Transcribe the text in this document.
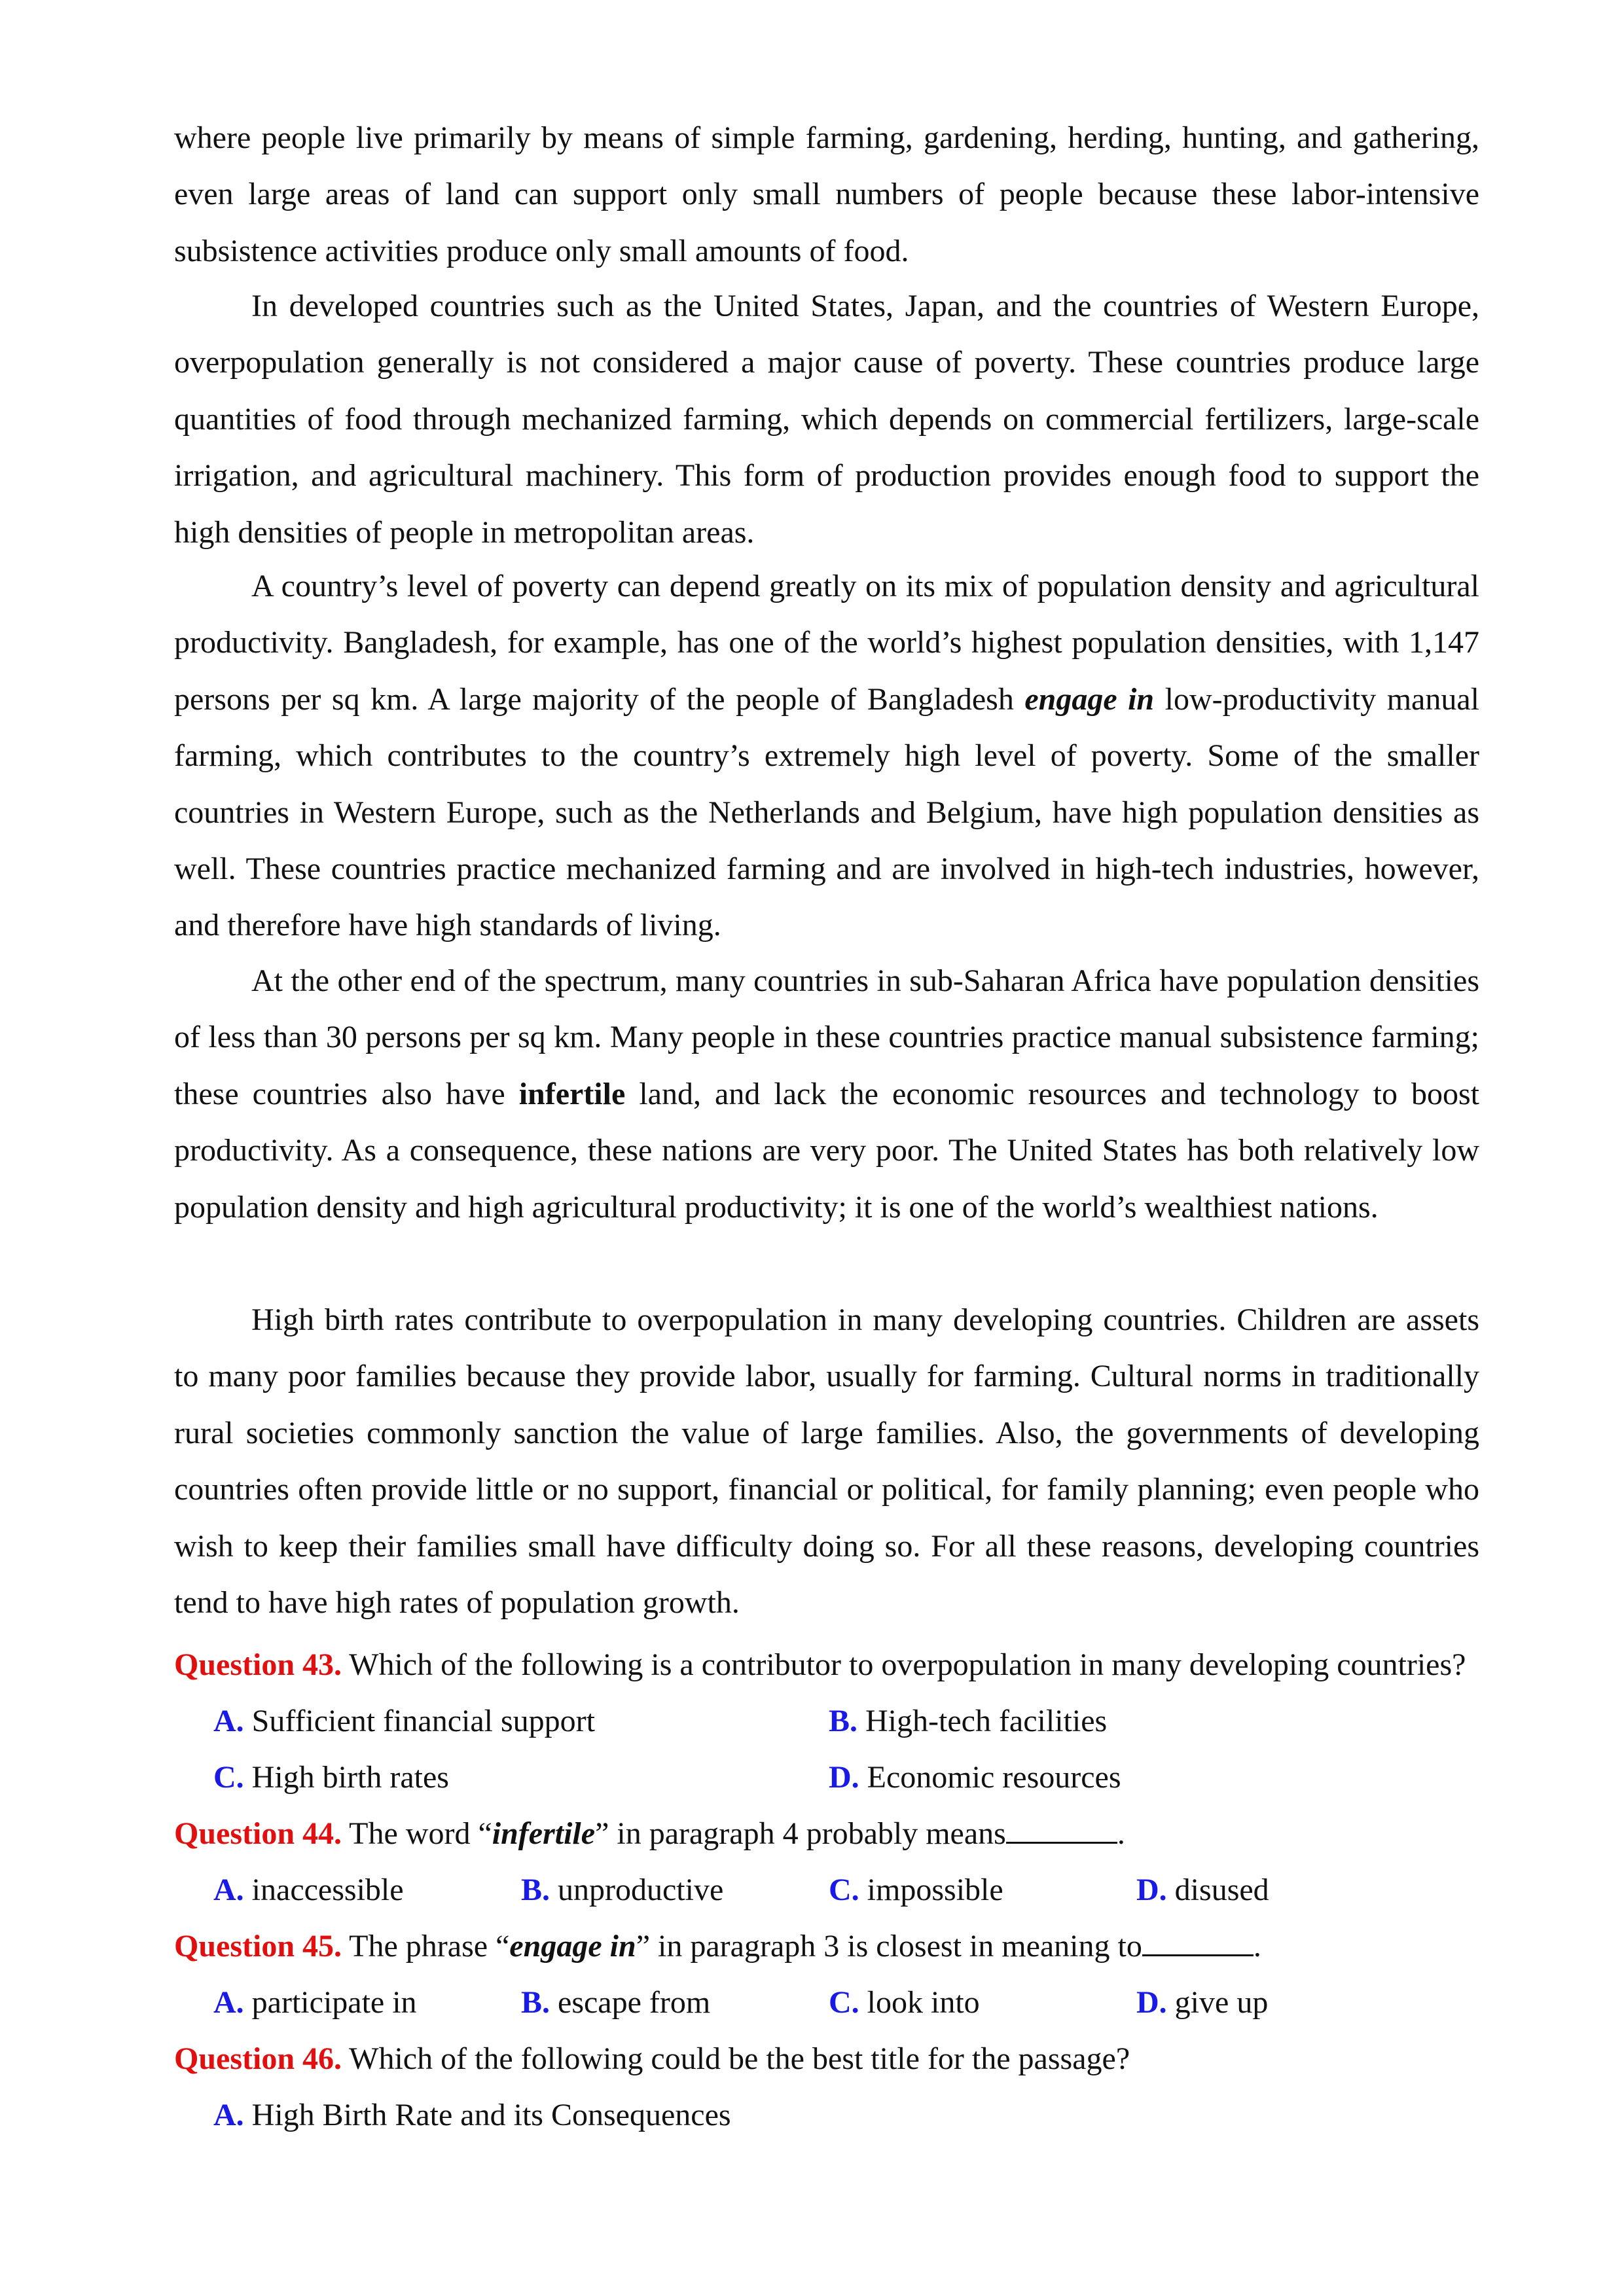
where people live primarily by means of simple farming, gardening, herding, hunting, and gathering, even large areas of land can support only small numbers of people because these labor-intensive subsistence activities produce only small amounts of food.

In developed countries such as the United States, Japan, and the countries of Western Europe, overpopulation generally is not considered a major cause of poverty. These countries produce large quantities of food through mechanized farming, which depends on commercial fertilizers, large-scale irrigation, and agricultural machinery. This form of production provides enough food to support the high densities of people in metropolitan areas.

A country’s level of poverty can depend greatly on its mix of population density and agricultural productivity. Bangladesh, for example, has one of the world’s highest population densities, with 1,147 persons per sq km. A large majority of the people of Bangladesh engage in low-productivity manual farming, which contributes to the country’s extremely high level of poverty. Some of the smaller countries in Western Europe, such as the Netherlands and Belgium, have high population densities as well. These countries practice mechanized farming and are involved in high-tech industries, however, and therefore have high standards of living.

At the other end of the spectrum, many countries in sub-Saharan Africa have population densities of less than 30 persons per sq km. Many people in these countries practice manual subsistence farming; these countries also have infertile land, and lack the economic resources and technology to boost productivity. As a consequence, these nations are very poor. The United States has both relatively low population density and high agricultural productivity; it is one of the world’s wealthiest nations.

High birth rates contribute to overpopulation in many developing countries. Children are assets to many poor families because they provide labor, usually for farming. Cultural norms in traditionally rural societies commonly sanction the value of large families. Also, the governments of developing countries often provide little or no support, financial or political, for family planning; even people who wish to keep their families small have difficulty doing so. For all these reasons, developing countries tend to have high rates of population growth.

Question 43. Which of the following is a contributor to overpopulation in many developing countries?

A. Sufficient financial support	B. High-tech facilities
C. High birth rates	D. Economic resources

Question 44. The word “infertile” in paragraph 4 probably means	.

A. inaccessible	B. unproductive	C. impossible	D. disused

Question 45. The phrase “engage in” in paragraph 3 is closest in meaning to	.

A. participate in	B. escape from	C. look into	D. give up

Question 46. Which of the following could be the best title for the passage?

A. High Birth Rate and its Consequences
